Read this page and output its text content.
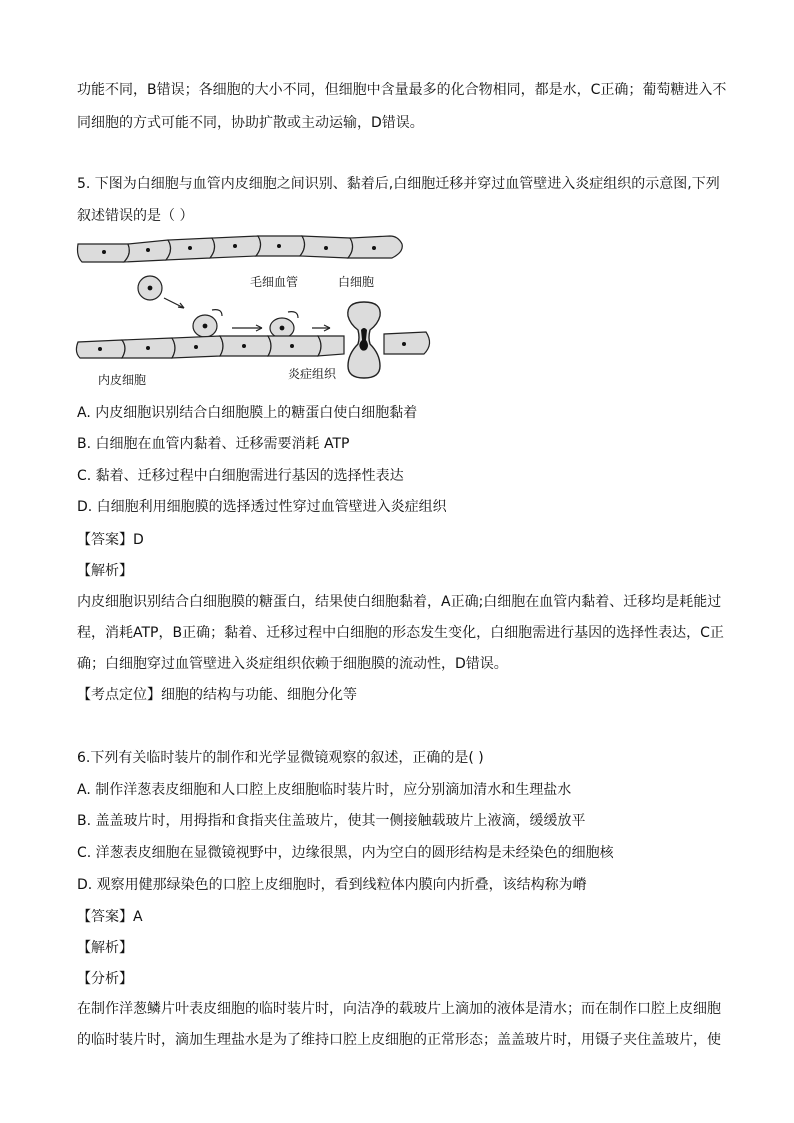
功能不同，B错误；各细胞的大小不同，但细胞中含量最多的化合物相同，都是水，C正确；葡萄糖进入不
同细胞的方式可能不同，协助扩散或主动运输，D错误。
5. 下图为白细胞与血管内皮细胞之间识别、黏着后,白细胞迁移并穿过血管壁进入炎症组织的示意图,下列
叙述错误的是（ ）
毛细血管	白细胞
内皮细胞	炎症组织
A. 内皮细胞识别结合白细胞膜上的糖蛋白使白细胞黏着
B. 白细胞在血管内黏着、迁移需要消耗 ATP
C. 黏着、迁移过程中白细胞需进行基因的选择性表达
D. 白细胞利用细胞膜的选择透过性穿过血管壁进入炎症组织
【答案】D
【解析】
内皮细胞识别结合白细胞膜的糖蛋白，结果使白细胞黏着，A正确;白细胞在血管内黏着、迁移均是耗能过
程，消耗ATP，B正确；黏着、迁移过程中白细胞的形态发生变化，白细胞需进行基因的选择性表达，C正
确；白细胞穿过血管壁进入炎症组织依赖于细胞膜的流动性，D错误。
【考点定位】细胞的结构与功能、细胞分化等
6.下列有关临时装片的制作和光学显微镜观察的叙述，正确的是( )
A. 制作洋葱表皮细胞和人口腔上皮细胞临时装片时，应分别滴加清水和生理盐水
B. 盖盖玻片时，用拇指和食指夹住盖玻片，使其一侧接触载玻片上液滴，缓缓放平
C. 洋葱表皮细胞在显微镜视野中，边缘很黑，内为空白的圆形结构是未经染色的细胞核
D. 观察用健那绿染色的口腔上皮细胞时，看到线粒体内膜向内折叠，该结构称为嵴
【答案】A
【解析】
【分析】
在制作洋葱鳞片叶表皮细胞的临时装片时，向洁净的载玻片上滴加的液体是清水；而在制作口腔上皮细胞
的临时装片时，滴加生理盐水是为了维持口腔上皮细胞的正常形态；盖盖玻片时，用镊子夹住盖玻片，使
